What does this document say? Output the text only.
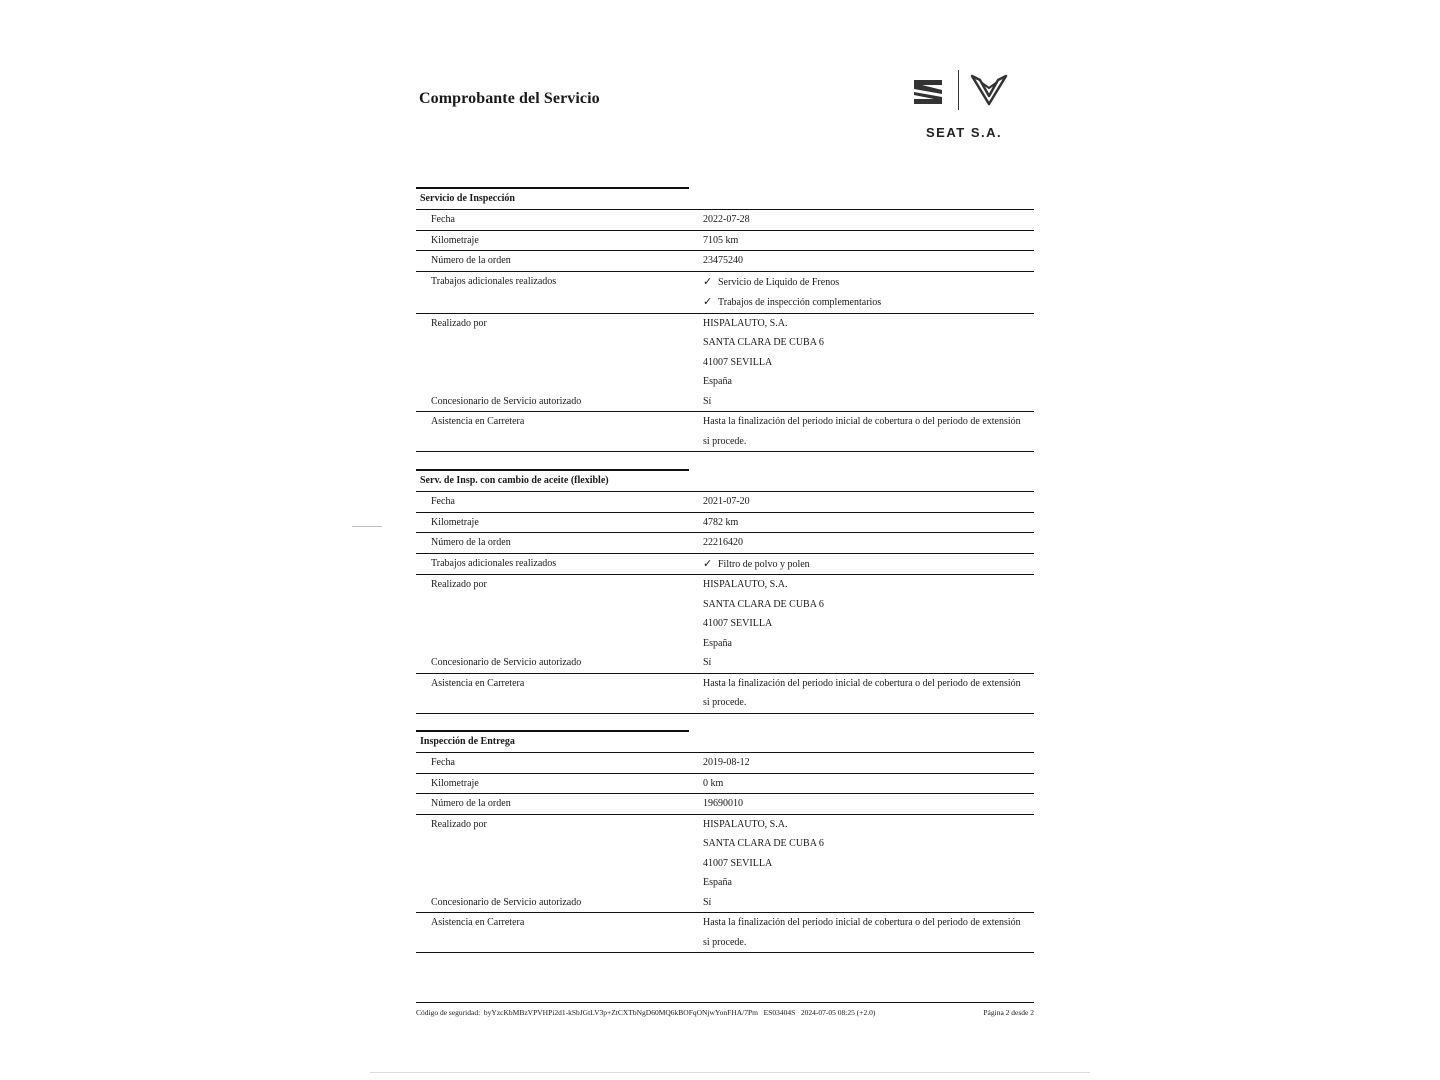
Comprobante del Servicio
SEAT S.A.
Servicio de Inspección
Fecha	2022-07-28
Kilometraje	7105 km
Número de la orden	23475240
Trabajos adicionales realizados	✓ Servicio de Liquido de Frenos
✓ Trabajos de inspección complementarios
Realizado por	HISPALAUTO, S.A.
SANTA CLARA DE CUBA 6
41007 SEVILLA
España
Concesionario de Servicio autorizado	Sí
Asistencia en Carretera	Hasta la finalización del periodo inicial de cobertura o del periodo de extensión
si procede.
Serv. de Insp. con cambio de aceite (flexible)
Fecha	2021-07-20
Kilometraje	4782 km
Número de la orden	22216420
Trabajos adicionales realizados	✓ Filtro de polvo y polen
Realizado por	HISPALAUTO, S.A.
SANTA CLARA DE CUBA 6
41007 SEVILLA
España
Concesionario de Servicio autorizado	Sí
Asistencia en Carretera	Hasta la finalización del periodo inicial de cobertura o del periodo de extensión
si procede.
Inspección de Entrega
Fecha	2019-08-12
Kilometraje	0 km
Número de la orden	19690010
Realizado por	HISPALAUTO, S.A.
SANTA CLARA DE CUBA 6
41007 SEVILLA
España
Concesionario de Servicio autorizado	Sí
Asistencia en Carretera	Hasta la finalización del periodo inicial de cobertura o del periodo de extensión
si procede.
Código de seguridad: byYzcKbMBzVPVHPi2d1-kSbJGtLV3p+ZtCXTbNgD60MQ6kBOFqONjwYonFHA/7Pm ES03404S 2024-07-05 08:25 (+2.0)	Página 2 desde 2
